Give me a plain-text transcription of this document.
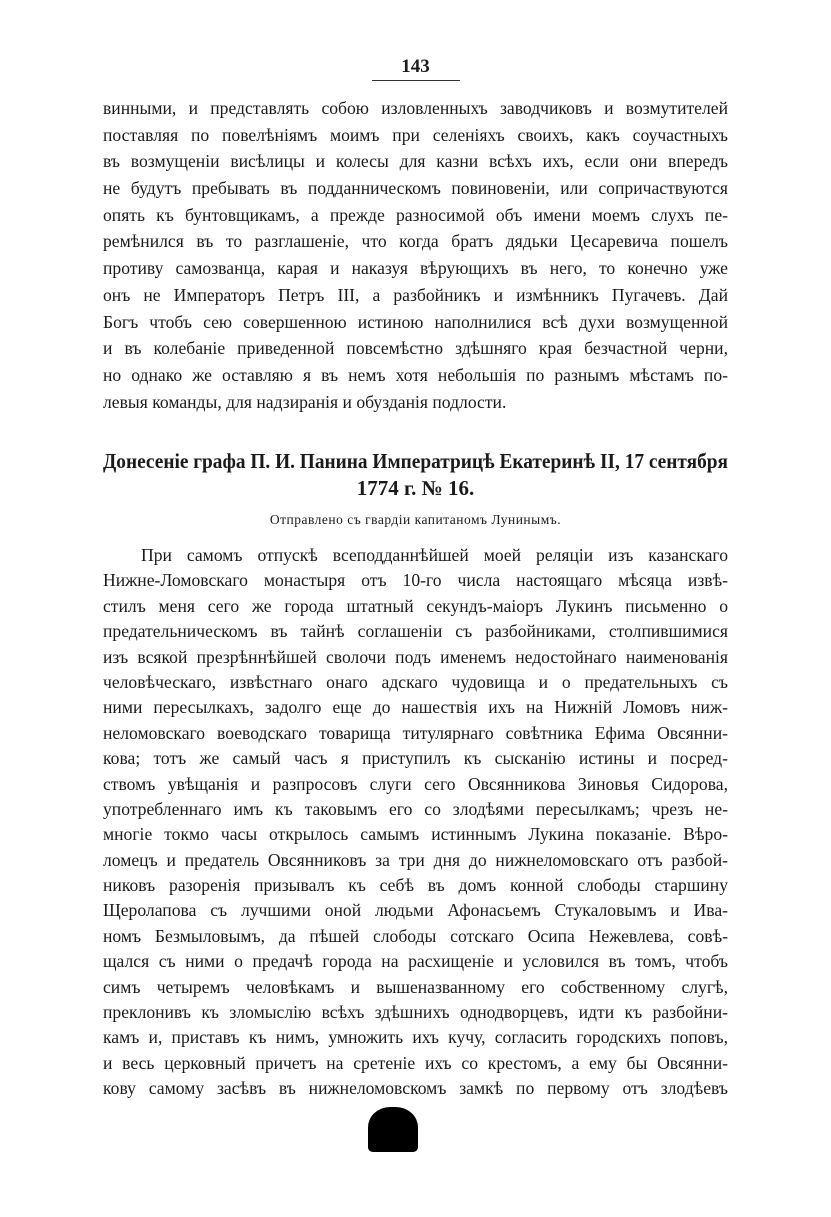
143
винными, и представлять собою изловленныхъ заводчиковъ и возмутителей
поставляя по повелѣніямъ моимъ при селеніяхъ своихъ, какъ соучастныхъ
въ возмущеніи висѣлицы и колесы для казни всѣхъ ихъ, если они впередъ
не будутъ пребывать въ подданническомъ повиновеніи, или сопричаствуются
опять къ бунтовщикамъ, а прежде разносимой объ имени моемъ слухъ пе-
ремѣнился въ то разглашеніе, что когда братъ дядьки Цесаревича пошелъ
противу самозванца, карая и наказуя вѣрующихъ въ него, то конечно уже
онъ не Императоръ Петръ III, а разбойникъ и измѣнникъ Пугачевъ. Дай
Богъ чтобъ сею совершенною истиною наполнилися всѣ духи возмущенной
и въ колебаніе приведенной повсемѣстно здѣшняго края безчастной черни,
но однако же оставляю я въ немъ хотя небольшія по разнымъ мѣстамъ по-
левыя команды, для надзиранія и обузданія подлости.
Донесеніе графа П. И. Панина Императрицѣ Екатеринѣ II, 17 сентября
1774 г. № 16.
Отправлено съ гвардіи капитаномъ Лунинымъ.
При самомъ отпускѣ всеподданнѣйшей моей реляціи изъ казанскаго
Нижне-Ломовскаго монастыря отъ 10-го числа настоящаго мѣсяца извѣ-
стилъ меня сего же города штатный секундъ-маіоръ Лукинъ письменно о
предательническомъ въ тайнѣ соглашеніи съ разбойниками, столпившимися
изъ всякой презрѣннѣйшей сволочи подъ именемъ недостойнаго наименованія
человѣческаго, извѣстнаго онаго адскаго чудовища и о предательныхъ съ
ними пересылкахъ, задолго еще до нашествія ихъ на Нижній Ломовъ ниж-
неломовскаго воеводскаго товарища титулярнаго совѣтника Ефима Овсянни-
кова; тотъ же самый часъ я приступилъ къ сысканію истины и посред-
ствомъ увѣщанія и разпросовъ слуги сего Овсянникова Зиновья Сидорова,
употребленнаго имъ къ таковымъ его со злодѣями пересылкамъ; чрезъ не-
многіе токмо часы открылось самымъ истиннымъ Лукина показаніе. Вѣро-
ломецъ и предатель Овсянниковъ за три дня до нижнеломовскаго отъ разбой-
никовъ разоренія призывалъ къ себѣ въ домъ конной слободы старшину
Щеролапова съ лучшими оной людьми Афонасьемъ Стукаловымъ и Ива-
номъ Безмыловымъ, да пѣшей слободы сотскаго Осипа Нежевлева, совѣ-
щался съ ними о предачѣ города на расхищеніе и условился въ томъ, чтобъ
симъ четыремъ человѣкамъ и вышеназванному его собственному слугѣ,
преклонивъ къ зломыслію всѣхъ здѣшнихъ однодворцевъ, идти къ разбойни-
камъ и, приставъ къ нимъ, умножить ихъ кучу, согласить городскихъ поповъ,
и весь церковный причетъ на сретеніе ихъ со крестомъ, а ему бы Овсянни-
кову самому засѣвъ въ нижнеломовскомъ замкѣ по первому отъ злодѣевъ
